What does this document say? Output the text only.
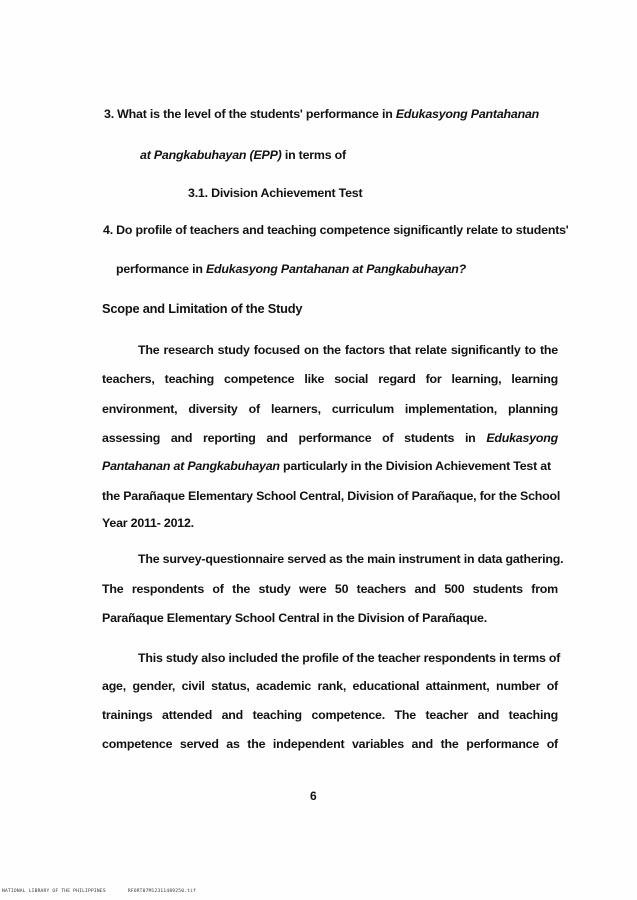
3. What is the level of the students' performance in Edukasyong Pantahanan
at Pangkabuhayan (EPP) in terms of
3.1. Division Achievement Test
4. Do profile of teachers and teaching competence significantly relate to students'
performance in Edukasyong Pantahanan at Pangkabuhayan?
Scope and Limitation of the Study
The research study focused on the factors that relate significantly to the
teachers, teaching competence like social regard for learning, learning
environment, diversity of learners, curriculum implementation, planning
assessing and reporting and performance of students in Edukasyong
Pantahanan at Pangkabuhayan particularly in the Division Achievement Test at
the Parañaque Elementary School Central, Division of Parañaque, for the School
Year 2011- 2012.
The survey-questionnaire served as the main instrument in data gathering.
The respondents of the study were 50 teachers and 500 students from
Parañaque Elementary School Central in the Division of Parañaque.
This study also included the profile of the teacher respondents in terms of
age, gender, civil status, academic rank, educational attainment, number of
trainings attended and teaching competence. The teacher and teaching
competence served as the independent variables and the performance of
6
NATIONAL LIBRARY OF THE PHILIPPINES	RFORT07M12311489250.tif
